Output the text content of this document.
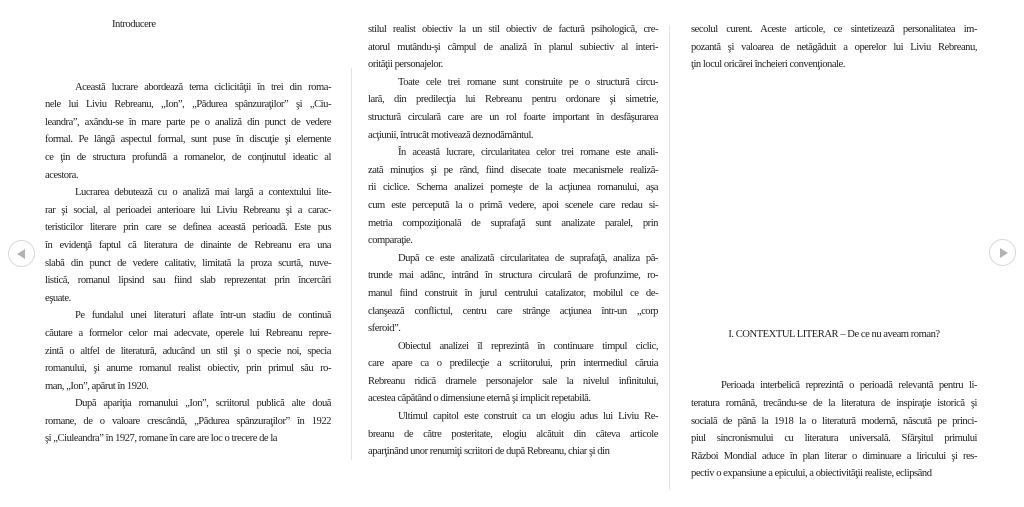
Introducere
Această lucrare abordează tema ciclicităţii în trei din roma-
nele lui Liviu Rebreanu, „Ion”, „Pădurea spânzuraţilor” şi „Ciu-
leandra”, axându-se în mare parte pe o analiză din punct de vedere
formal. Pe lângă aspectul formal, sunt puse în discuţie şi elemente
ce ţin de structura profundă a romanelor, de conţinutul ideatic al
acestora.
Lucrarea debutează cu o analiză mai largă a contextului lite-
rar şi social, al perioadei anterioare lui Liviu Rebreanu şi a carac-
teristicilor literare prin care se definea această perioadă. Este pus
în evidenţă faptul că literatura de dinainte de Rebreanu era una
slabă din punct de vedere calitativ, limitată la proza scurtă, nuve-
listică, romanul lipsind sau fiind slab reprezentat prin încercări
eşuate.
Pe fundalul unei literaturi aflate într-un stadiu de continuă
căutare a formelor celor mai adecvate, operele lui Rebreanu repre-
zintă o altfel de literatură, aducând un stil şi o specie noi, specia
romanului, şi anume romanul realist obiectiv, prin primul său ro-
man, „Ion”, apărut în 1920.
După apariţia romanului „Ion”, scriitorul publică alte două
romane, de o valoare crescândă, „Pădurea spânzuraţilor” în 1922
şi „Ciuleandra” în 1927, romane în care are loc o trecere de la
stilul realist obiectiv la un stil obiectiv de factură psihologică, cre-
atorul mutându-şi câmpul de analiză în planul subiectiv al interi-
orităţii personajelor.
Toate cele trei romane sunt construite pe o structură circu-
lară, din predilecţia lui Rebreanu pentru ordonare şi simetrie,
structură circulară care are un rol foarte important în desfăşurarea
acţiunii, întrucât motivează deznodământul.
În această lucrare, circularitatea celor trei romane este anali-
zată minuţios şi pe rând, fiind disecate toate mecanismele realiză-
rii ciclice. Schema analizei porneşte de la acţiunea romanului, aşa
cum este percepută la o primă vedere, apoi scenele care redau si-
metria compoziţională de suprafaţă sunt analizate paralel, prin
comparaţie.
După ce este analizată circularitatea de suprafaţă, analiza pă-
trunde mai adânc, intrând în structura circulară de profunzime, ro-
manul fiind construit în jurul centrului catalizator, mobilul ce de-
clanşează conflictul, centru care strânge acţiunea într-un „corp
sferoid”.
Obiectul analizei îl reprezintă în continuare timpul ciclic,
care apare ca o predilecţie a scriitorului, prin intermediul căruia
Rebreanu ridică dramele personajelor sale la nivelul infinitului,
acestea căpătând o dimensiune eternă şi implicit repetabilă.
Ultimul capitol este construit ca un elogiu adus lui Liviu Re-
breanu de către posteritate, elogiu alcătuit din câteva articole
aparţinând unor renumiţi scriitori de după Rebreanu, chiar şi din
secolul curent. Aceste articole, ce sintetizează personalitatea im-
pozantă şi valoarea de netăgăduit a operelor lui Liviu Rebreanu,
ţin locul oricărei încheieri convenţionale.
I. CONTEXTUL LITERAR – De ce nu aveam roman?
Perioada interbelică reprezintă o perioadă relevantă pentru li-
teratura română, trecându-se de la literatura de inspiraţie istorică şi
socială de până la 1918 la o literatură modernă, născută pe princi-
piul sincronismului cu literatura universală. Sfârşitul primului
Război Mondial aduce în plan literar o diminuare a liricului şi res-
pectiv o expansiune a epicului, a obiectivităţii realiste, eclipsând
